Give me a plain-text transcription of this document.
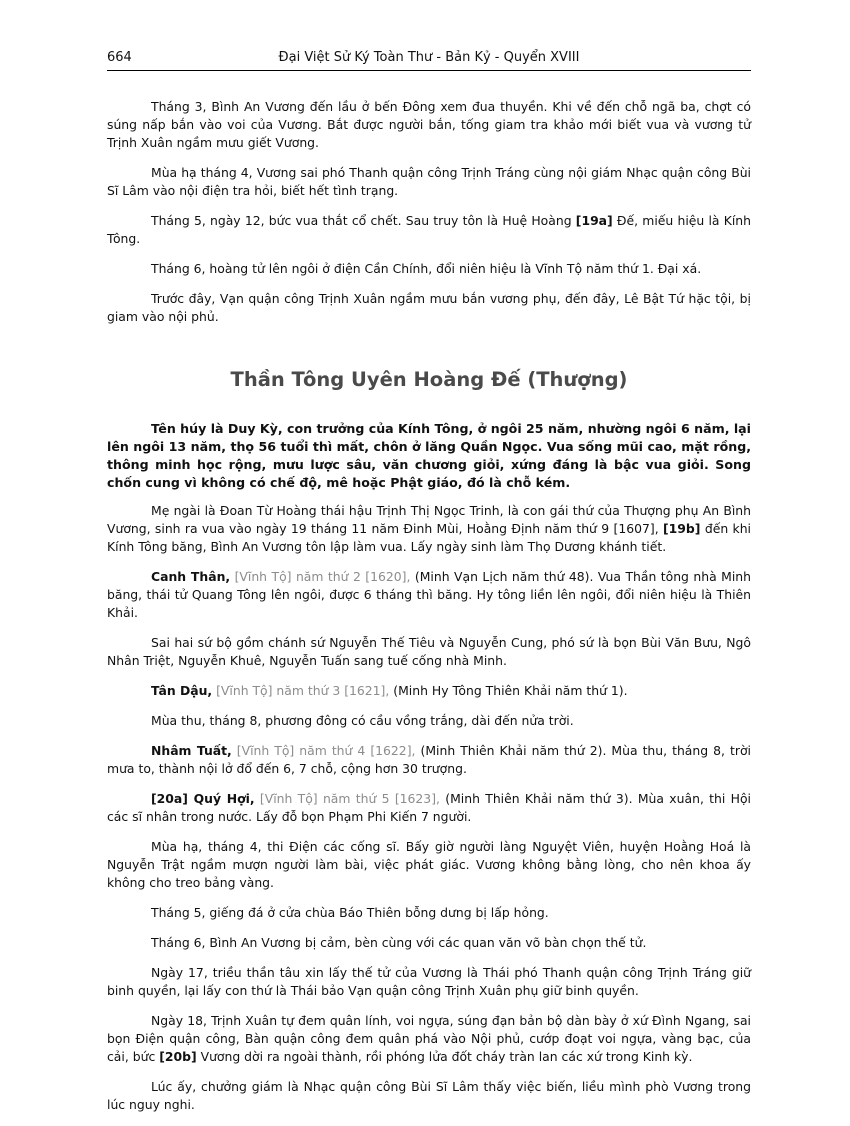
664	Đại Việt Sử Ký Toàn Thư - Bản Kỷ - Quyển XVIII

Tháng 3, Bình An Vương đến lầu ở bến Đông xem đua thuyền. Khi về đến chỗ ngã ba, chợt có súng nấp bắn vào voi của Vương. Bắt được người bắn, tống giam tra khảo mới biết vua và vương tử Trịnh Xuân ngầm mưu giết Vương.

Mùa hạ tháng 4, Vương sai phó Thanh quận công Trịnh Tráng cùng nội giám Nhạc quận công Bùi Sĩ Lâm vào nội điện tra hỏi, biết hết tình trạng.

Tháng 5, ngày 12, bức vua thắt cổ chết. Sau truy tôn là Huệ Hoàng [19a] Đế, miếu hiệu là Kính Tông.

Tháng 6, hoàng tử lên ngôi ở điện Cần Chính, đổi niên hiệu là Vĩnh Tộ năm thứ 1. Đại xá.

Trước đây, Vạn quận công Trịnh Xuân ngầm mưu bắn vương phụ, đến đây, Lê Bật Tứ hặc tội, bị giam vào nội phủ.

Thần Tông Uyên Hoàng Đế (Thượng)

Tên húy là Duy Kỳ, con trưởng của Kính Tông, ở ngôi 25 năm, nhường ngôi 6 năm, lại lên ngôi 13 năm, thọ 56 tuổi thì mất, chôn ở lăng Quần Ngọc. Vua sống mũi cao, mặt rồng, thông minh học rộng, mưu lược sâu, văn chương giỏi, xứng đáng là bậc vua giỏi. Song chốn cung vì không có chế độ, mê hoặc Phật giáo, đó là chỗ kém.

Mẹ ngài là Đoan Từ Hoàng thái hậu Trịnh Thị Ngọc Trinh, là con gái thứ của Thượng phụ An Bình Vương, sinh ra vua vào ngày 19 tháng 11 năm Đinh Mùi, Hoằng Định năm thứ 9 [1607], [19b] đến khi Kính Tông băng, Bình An Vương tôn lập làm vua. Lấy ngày sinh làm Thọ Dương khánh tiết.

Canh Thân, [Vĩnh Tộ] năm thứ 2 [1620], (Minh Vạn Lịch năm thứ 48). Vua Thần tông nhà Minh băng, thái tử Quang Tông lên ngôi, được 6 tháng thì băng. Hy tông liền lên ngôi, đổi niên hiệu là Thiên Khải.

Sai hai sứ bộ gồm chánh sứ Nguyễn Thế Tiêu và Nguyễn Cung, phó sứ là bọn Bùi Văn Bưu, Ngô Nhân Triệt, Nguyễn Khuê, Nguyễn Tuấn sang tuế cống nhà Minh.

Tân Dậu, [Vĩnh Tộ] năm thứ 3 [1621], (Minh Hy Tông Thiên Khải năm thứ 1).

Mùa thu, tháng 8, phương đông có cầu vồng trắng, dài đến nửa trời.

Nhâm Tuất, [Vĩnh Tộ] năm thứ 4 [1622], (Minh Thiên Khải năm thứ 2). Mùa thu, tháng 8, trời mưa to, thành nội lở đổ đến 6, 7 chỗ, cộng hơn 30 trượng.

[20a] Quý Hợi, [Vĩnh Tộ] năm thứ 5 [1623], (Minh Thiên Khải năm thứ 3). Mùa xuân, thi Hội các sĩ nhân trong nước. Lấy đỗ bọn Phạm Phi Kiến 7 người.

Mùa hạ, tháng 4, thi Điện các cống sĩ. Bấy giờ người làng Nguyệt Viên, huyện Hoằng Hoá là Nguyễn Trật ngầm mượn người làm bài, việc phát giác. Vương không bằng lòng, cho nên khoa ấy không cho treo bảng vàng.

Tháng 5, giếng đá ở cửa chùa Báo Thiên bỗng dưng bị lấp hỏng.

Tháng 6, Bình An Vương bị cảm, bèn cùng với các quan văn võ bàn chọn thế tử.

Ngày 17, triều thần tâu xin lấy thế tử của Vương là Thái phó Thanh quận công Trịnh Tráng giữ binh quyền, lại lấy con thứ là Thái bảo Vạn quận công Trịnh Xuân phụ giữ binh quyền.

Ngày 18, Trịnh Xuân tự đem quân lính, voi ngựa, súng đạn bản bộ dàn bày ở xứ Đình Ngang, sai bọn Điện quận công, Bàn quận công đem quân phá vào Nội phủ, cướp đoạt voi ngựa, vàng bạc, của cải, bức [20b] Vương dời ra ngoài thành, rồi phóng lửa đốt cháy tràn lan các xứ trong Kinh kỳ.

Lúc ấy, chưởng giám là Nhạc quận công Bùi Sĩ Lâm thấy việc biến, liều mình phò Vương trong lúc nguy nghi.
